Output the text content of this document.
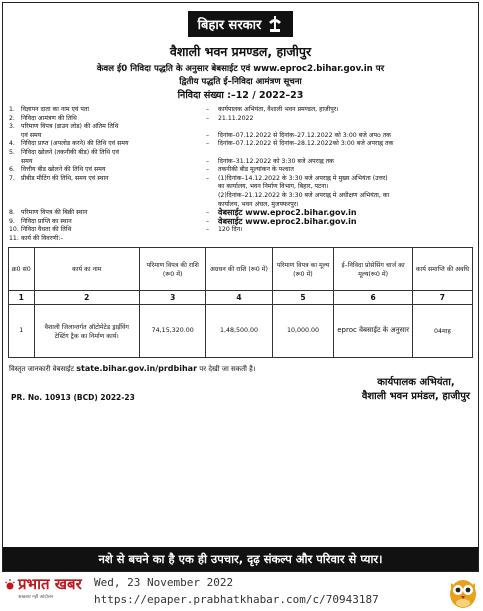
बिहार सरकार
वैशाली भवन प्रमण्डल, हाजीपुर
केवल ई0 निविदा पद्धति के अनुसार बेबसाईट एवं www.eproc2.bihar.gov.in पर
द्वितीय पद्धति ई–निविदा आमंत्रण सूचना
निविदा संख्या :–12 / 2022–23
1. विज्ञापन दाता का नाम एवं पता	–	कार्यपालक अभियंता, वैशाली भवन प्रमण्डल, हाजीपुर।
2. निविदा आमंत्रण की तिथि	–	21.11.2022
3. परिमाण विपत्र (डाउन लोड) की अंतिम तिथि
एवं समय	–	दिनांक–07.12.2022 से दिनांक–27.12.2022 को 3:00 बजे अपo तक
4. निविदा प्राप्त (अपलोड करने) की तिथि एवं समय	–	दिनांक–07.12.2022 से दिनांक–28.12.2022को 3:00 बजे अपराह्न तक
5. निविदा खोलने (तकनीकी बीड) की तिथि एवं
समय	–	दिनांक–31.12.2022 को 3:30 बजे अपराह्न तक
6. वित्तीय बीड खोलने की तिथि एवं समय	–	तकनीकी बीड मूल्यांकन के पश्चात
7. प्रीबीड मीटिंग की तिथि, समय एवं स्थान	–	(1)दिनांक–14.12.2022 के 3:30 बजे अपराह्न मे मुख्य अभियंता (उत्तर)
का कार्यालय, भवन निर्माण विभाग, बिहार, पटना।
(2)दिनांक–21.12.2022 के 3:30 बजे अपराह्न मे अधीक्षण अभियंता, का
कार्यालय, भवन अंचल, मुजफ्फरपुर।
8. परिमाण विपत्र की बिक्री स्थान	–	वेबसाईट www.eproc2.bihar.gov.in
9. निविदा प्राप्ति का स्थान	–	वेबसाईट www.eproc2.bihar.gov.in
10. निविदा वैधता की तिथि	–	120 दिन।
11. कार्य की विवरणी:–
क्र0 सं0	कार्य का नाम	परिमाण विपत्र की राशि (रू0 में)	अग्रधन की राशि (रू0 में)	परिमाण विपत्र का मूल्य (रू0 में)	ई–निविदा प्रोसेसिंग चार्ज का मूल्य(रू0 में)	कार्य समाप्ति की अवधि
1	2	3	4	5	6	7
1	वैशाली जिलान्तर्गत ऑटोमेटेड ड्राईविंग टेस्टिंग ट्रैक का निर्माण कार्य।	74,15,320.00	1,48,500.00	10,000.00	eproc वेबसाईट के अनुसार	04माह
विस्तृत जानकारी वेबसाईट state.bihar.gov.in/prdbihar पर देखी जा सकती है।
PR. No. 10913 (BCD) 2022-23
कार्यपालक अभियंता,
वैशाली भवन प्रमंडल, हाजीपुर
नशे से बचने का है एक ही उपचार, दृढ़ संकल्प और परिवार से प्यार।
प्रभात खबर
अखबार नहीं आंदोलन
Wed, 23 November 2022
https://epaper.prabhatkhabar.com/c/70943187
